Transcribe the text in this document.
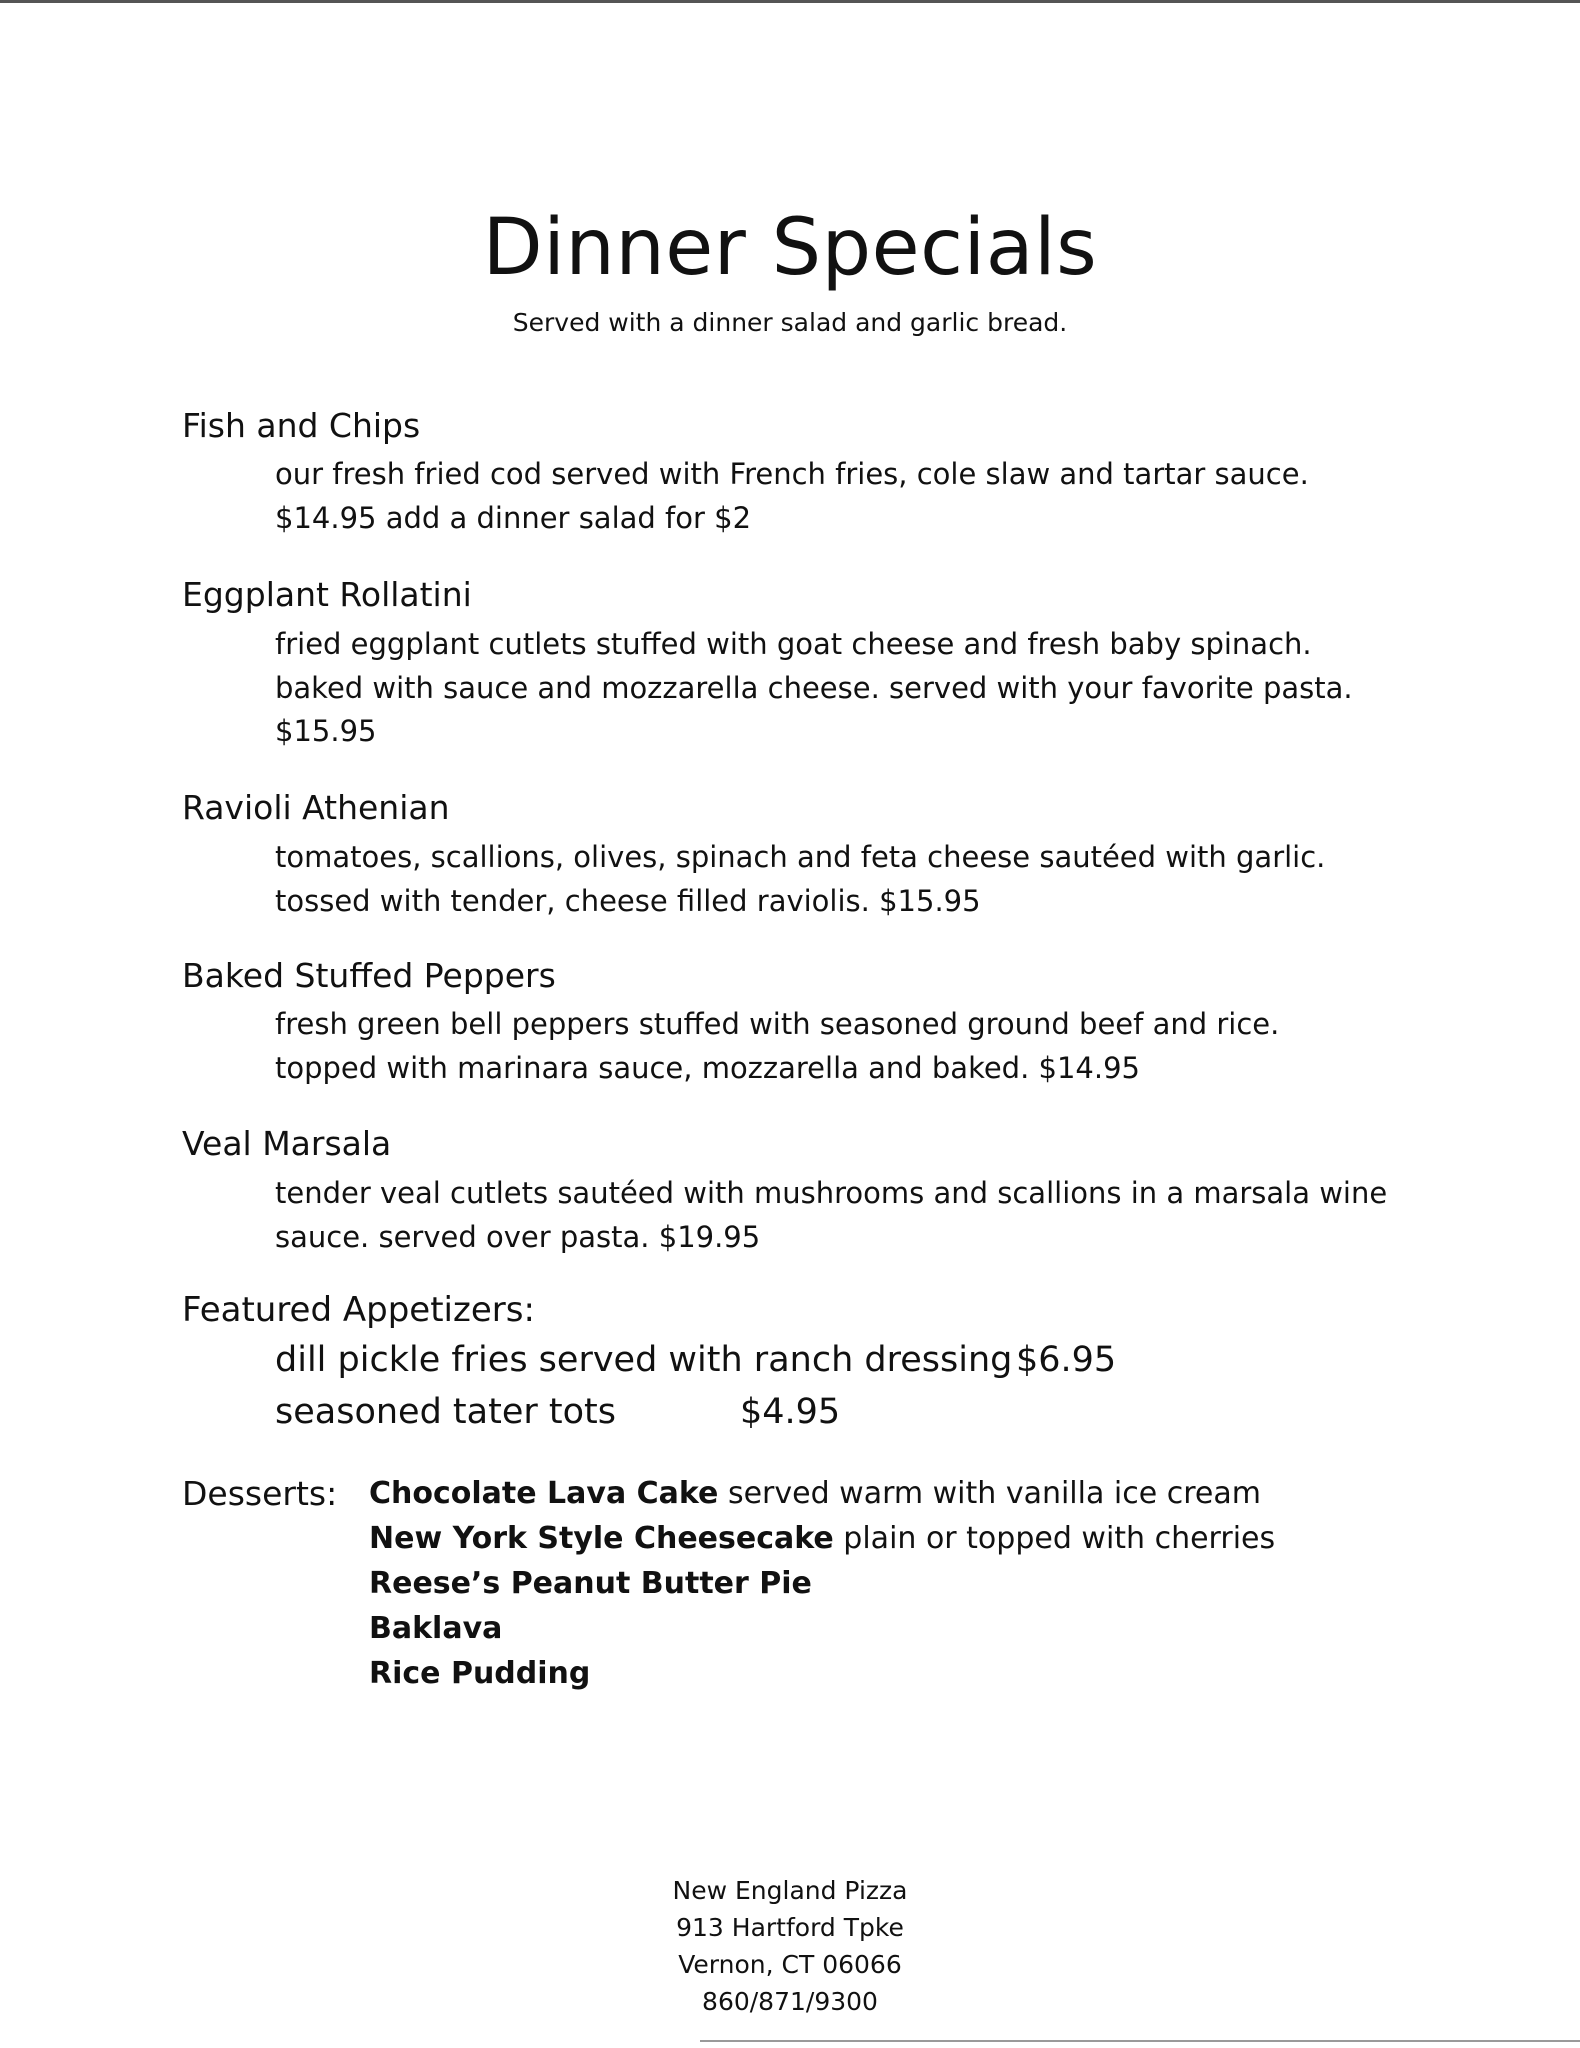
Dinner Specials
Served with a dinner salad and garlic bread.
Fish and Chips
our fresh fried cod served with French fries, cole slaw and tartar sauce.
$14.95 add a dinner salad for $2
Eggplant Rollatini
fried eggplant cutlets stuffed with goat cheese and fresh baby spinach.
baked with sauce and mozzarella cheese. served with your favorite pasta.
$15.95
Ravioli Athenian
tomatoes, scallions, olives, spinach and feta cheese sautéed with garlic.
tossed with tender, cheese filled raviolis. $15.95
Baked Stuffed Peppers
fresh green bell peppers stuffed with seasoned ground beef and rice.
topped with marinara sauce, mozzarella and baked. $14.95
Veal Marsala
tender veal cutlets sautéed with mushrooms and scallions in a marsala wine
sauce. served over pasta. $19.95
Featured Appetizers:
dill pickle fries served with ranch dressing $6.95
seasoned tater tots	$4.95
Desserts: Chocolate Lava Cake served warm with vanilla ice cream
New York Style Cheesecake plain or topped with cherries
Reese’s Peanut Butter Pie
Baklava
Rice Pudding
New England Pizza
913 Hartford Tpke
Vernon, CT 06066
860/871/9300
